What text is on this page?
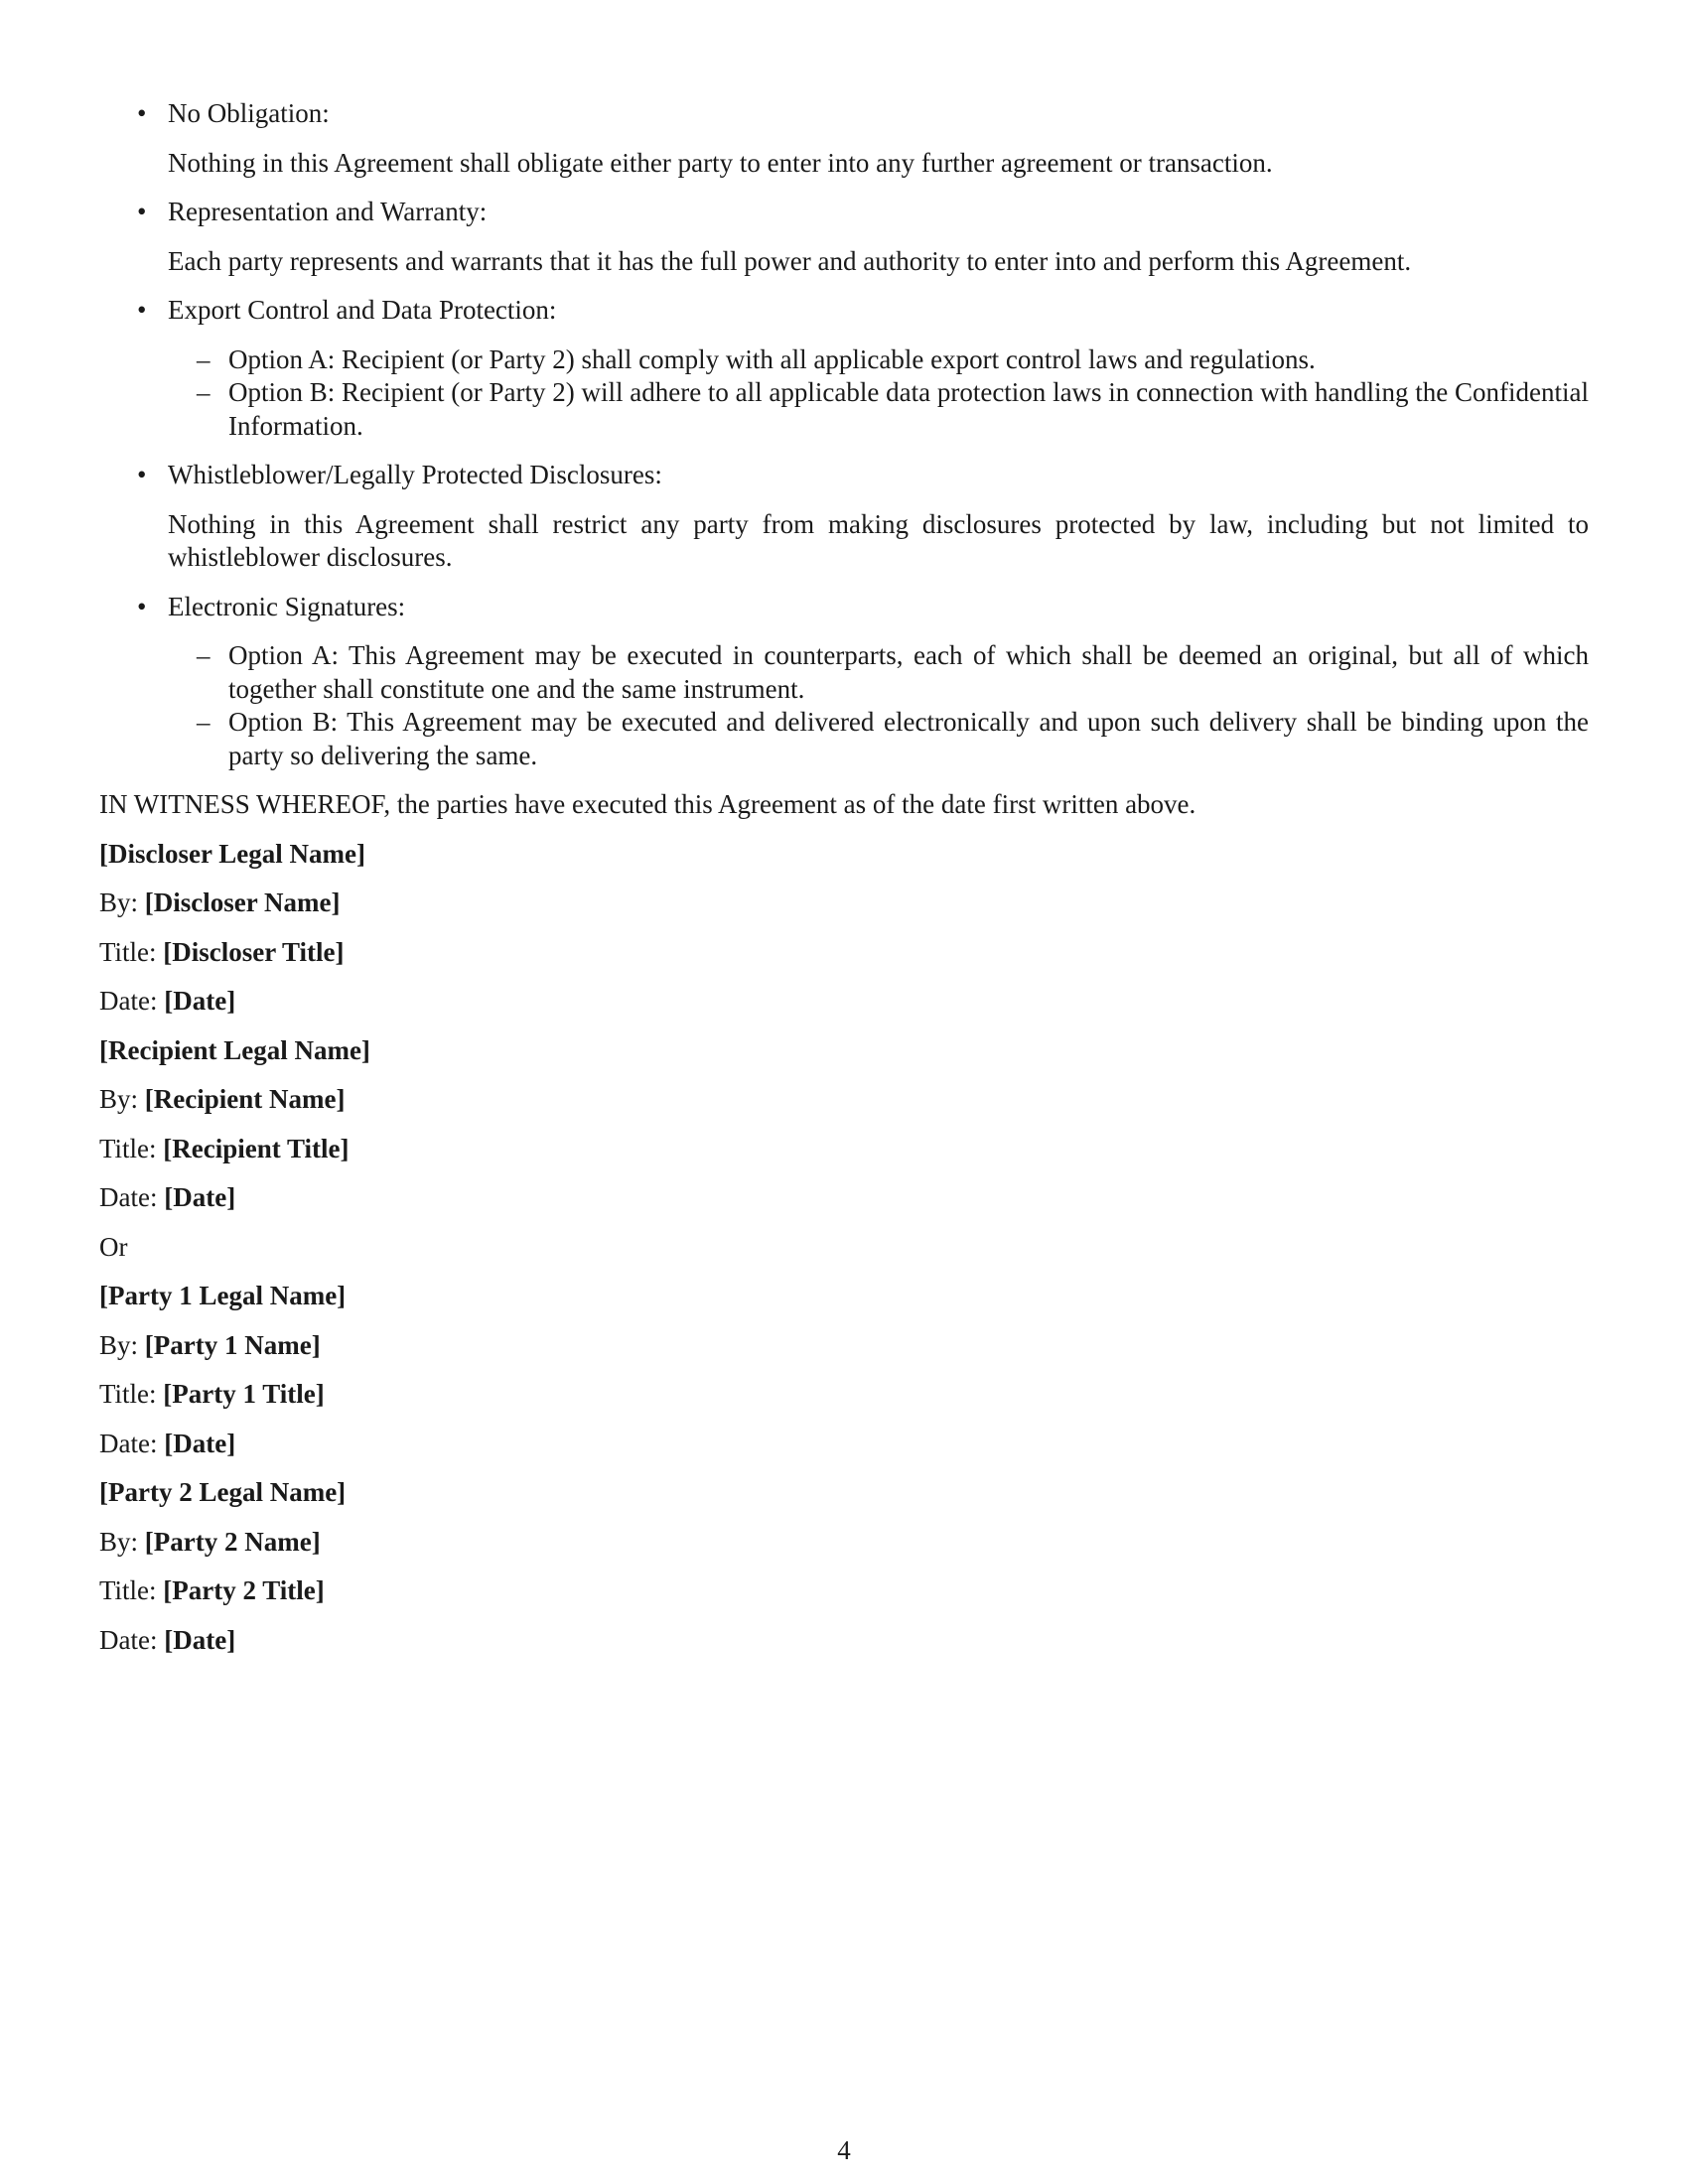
• No Obligation:

Nothing in this Agreement shall obligate either party to enter into any further agreement or transaction.

• Representation and Warranty:

Each party represents and warrants that it has the full power and authority to enter into and perform this Agreement.

• Export Control and Data Protection:

– Option A: Recipient (or Party 2) shall comply with all applicable export control laws and regulations.
– Option B: Recipient (or Party 2) will adhere to all applicable data protection laws in connection with handling the Confidential Information.
• Whistleblower/Legally Protected Disclosures:

Nothing in this Agreement shall restrict any party from making disclosures protected by law, including but not limited to whistleblower disclosures.

• Electronic Signatures:

– Option A: This Agreement may be executed in counterparts, each of which shall be deemed an original, but all of which together shall constitute one and the same instrument.
– Option B: This Agreement may be executed and delivered electronically and upon such delivery shall be binding upon the party so delivering the same.

IN WITNESS WHEREOF, the parties have executed this Agreement as of the date first written above.

[Discloser Legal Name]

By: [Discloser Name]

Title: [Discloser Title]

Date: [Date]

[Recipient Legal Name]

By: [Recipient Name]

Title: [Recipient Title]

Date: [Date]

Or

[Party 1 Legal Name]

By: [Party 1 Name]

Title: [Party 1 Title]

Date: [Date]

[Party 2 Legal Name]

By: [Party 2 Name]

Title: [Party 2 Title]

Date: [Date]

4
